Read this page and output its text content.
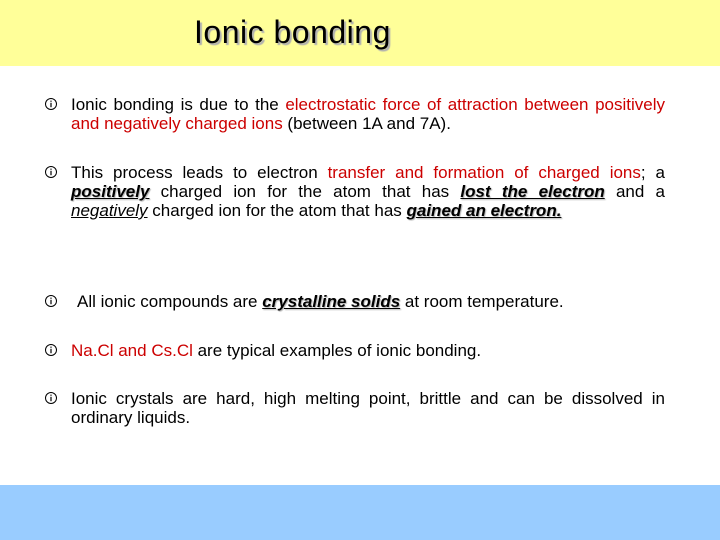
Ionic bonding
Ionic bonding is due to the electrostatic force of attraction between positively and negatively charged ions (between 1A and 7A).
This process leads to electron transfer and formation of charged ions; a positively charged ion for the atom that has lost the electron and a negatively charged ion for the atom that has gained an electron.
All ionic compounds are crystalline solids at room temperature.
Na.Cl and Cs.Cl are typical examples of ionic bonding.
Ionic crystals are hard, high melting point, brittle and can be dissolved in ordinary liquids.
